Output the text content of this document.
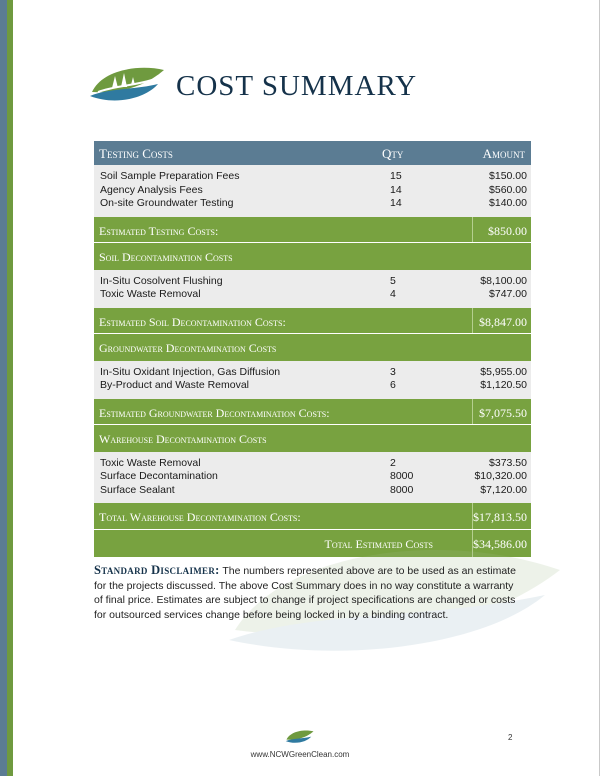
COST SUMMARY
Testing Costs	Qty	Amount
Soil Sample Preparation Fees	15	$150.00
Agency Analysis Fees	14	$560.00
On-site Groundwater Testing	14	$140.00
Estimated Testing Costs:	$850.00
Soil Decontamination Costs
In-Situ Cosolvent Flushing	5	$8,100.00
Toxic Waste Removal	4	$747.00
Estimated Soil Decontamination Costs:	$8,847.00
Groundwater Decontamination Costs
In-Situ Oxidant Injection, Gas Diffusion	3	$5,955.00
By-Product and Waste Removal	6	$1,120.50
Estimated Groundwater Decontamination Costs:	$7,075.50
Warehouse Decontamination Costs
Toxic Waste Removal	2	$373.50
Surface Decontamination	8000	$10,320.00
Surface Sealant	8000	$7,120.00
Total Warehouse Decontamination Costs:	$17,813.50
Total Estimated Costs	$34,586.00
Standard Disclaimer: The numbers represented above are to be used as an estimate for the projects discussed. The above Cost Summary does in no way constitute a warranty of final price. Estimates are subject to change if project specifications are changed or costs for outsourced services change before being locked in by a binding contract.
www.NCWGreenClean.com
2
